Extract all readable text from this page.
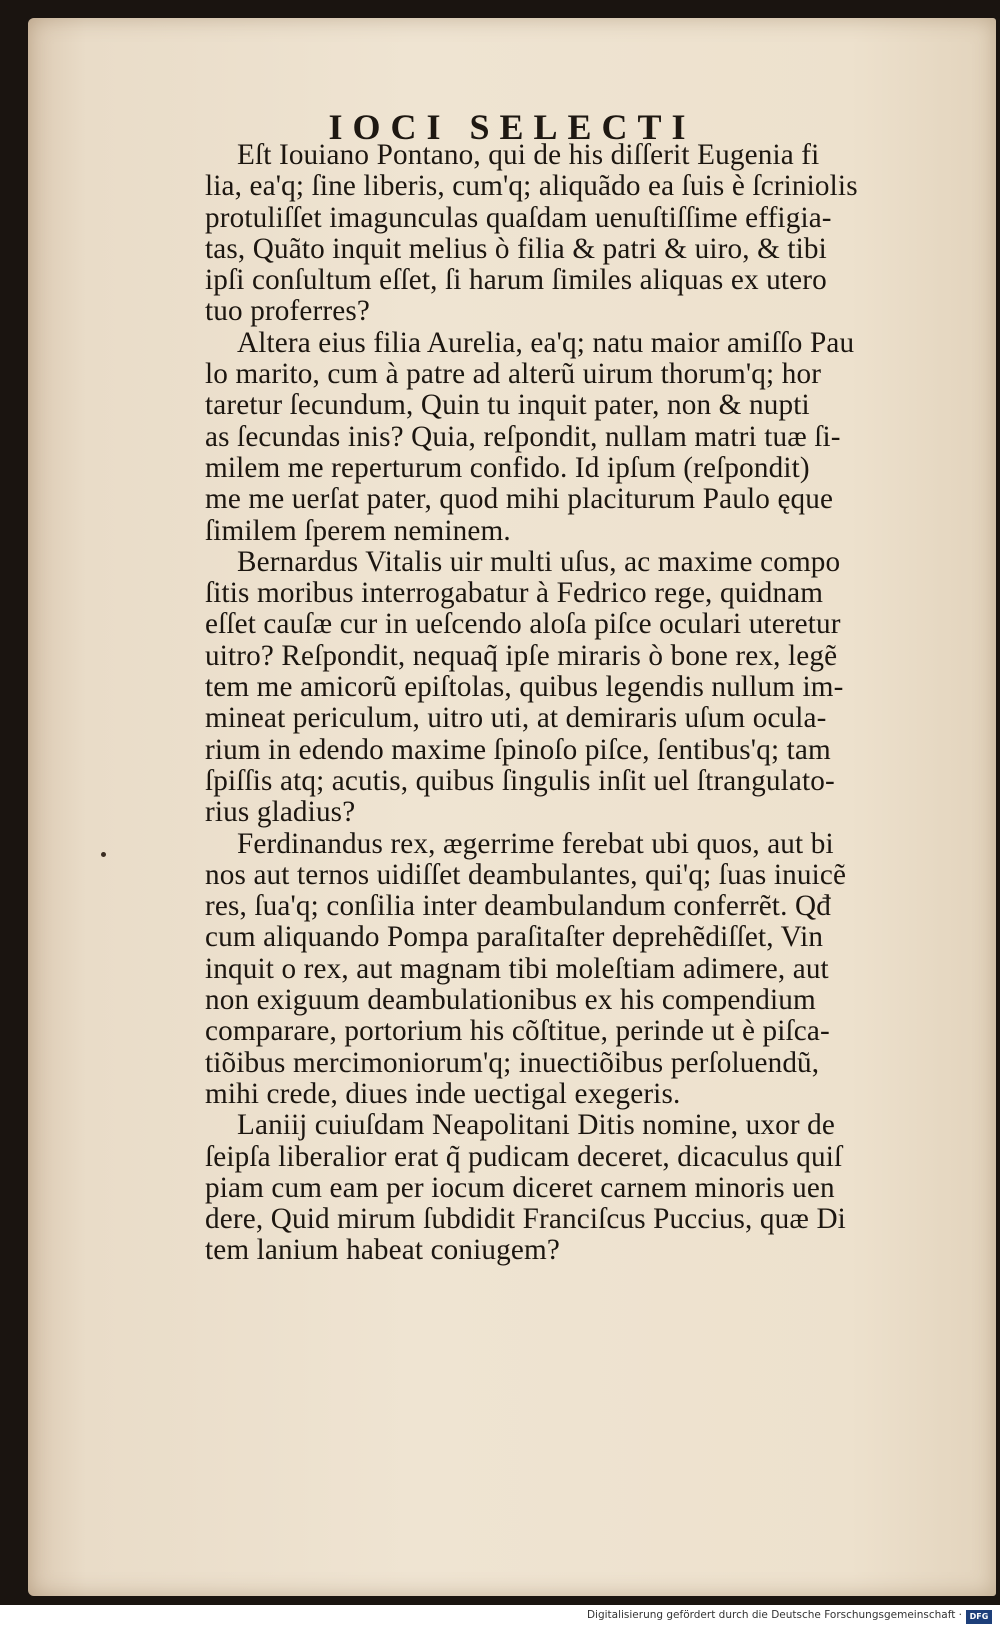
IOCI SELECTI

Eſt Iouiano Pontano, qui de his diſſerit Eugenia fi
lia, ea'q; ſine liberis, cum'q; aliquãdo ea ſuis è ſcriniolis
protuliſſet imagunculas quaſdam uenuſtiſſime effigia-
tas, Quãto inquit melius ò filia & patri & uiro, & tibi
ipſi conſultum eſſet, ſi harum ſimiles aliquas ex utero
tuo proferres?

Altera eius filia Aurelia, ea'q; natu maior amiſſo Pau
lo marito, cum à patre ad alterũ uirum thorum'q; hor
taretur ſecundum, Quin tu inquit pater, non & nupti
as ſecundas inis? Quia, reſpondit, nullam matri tuæ ſi-
milem me reperturum confido. Id ipſum (reſpondit)
me me uerſat pater, quod mihi placiturum Paulo ęque
ſimilem ſperem neminem.

Bernardus Vitalis uir multi uſus, ac maxime compo
ſitis moribus interrogabatur à Fedrico rege, quidnam
eſſet cauſæ cur in ueſcendo aloſa piſce oculari uteretur
uitro? Reſpondit, nequaq̃ ipſe miraris ò bone rex, legẽ
tem me amicorũ epiſtolas, quibus legendis nullum im-
mineat periculum, uitro uti, at demiraris uſum ocula-
rium in edendo maxime ſpinoſo piſce, ſentibus'q; tam
ſpiſſis atq; acutis, quibus ſingulis inſit uel ſtrangulato-
rius gladius?

Ferdinandus rex, ægerrime ferebat ubi quos, aut bi
nos aut ternos uidiſſet deambulantes, qui'q; ſuas inuicẽ
res, ſua'q; conſilia inter deambulandum conferrẽt. Qđ
cum aliquando Pompa paraſitaſter deprehẽdiſſet, Vin
inquit o rex, aut magnam tibi moleſtiam adimere, aut
non exiguum deambulationibus ex his compendium
comparare, portorium his cõſtitue, perinde ut è piſca-
tiõibus mercimoniorum'q; inuectiõibus perſoluendũ,
mihi crede, diues inde uectigal exegeris.

Laniĳ cuiuſdam Neapolitani Ditis nomine, uxor de
ſeipſa liberalior erat q̃ pudicam deceret, dicaculus quiſ
piam cum eam per iocum diceret carnem minoris uen
dere, Quid mirum ſubdidit Franciſcus Puccius, quæ Di
tem lanium habeat coniugem?

Digitalisierung gefördert durch die Deutsche Forschungsgemeinschaft · DFG
